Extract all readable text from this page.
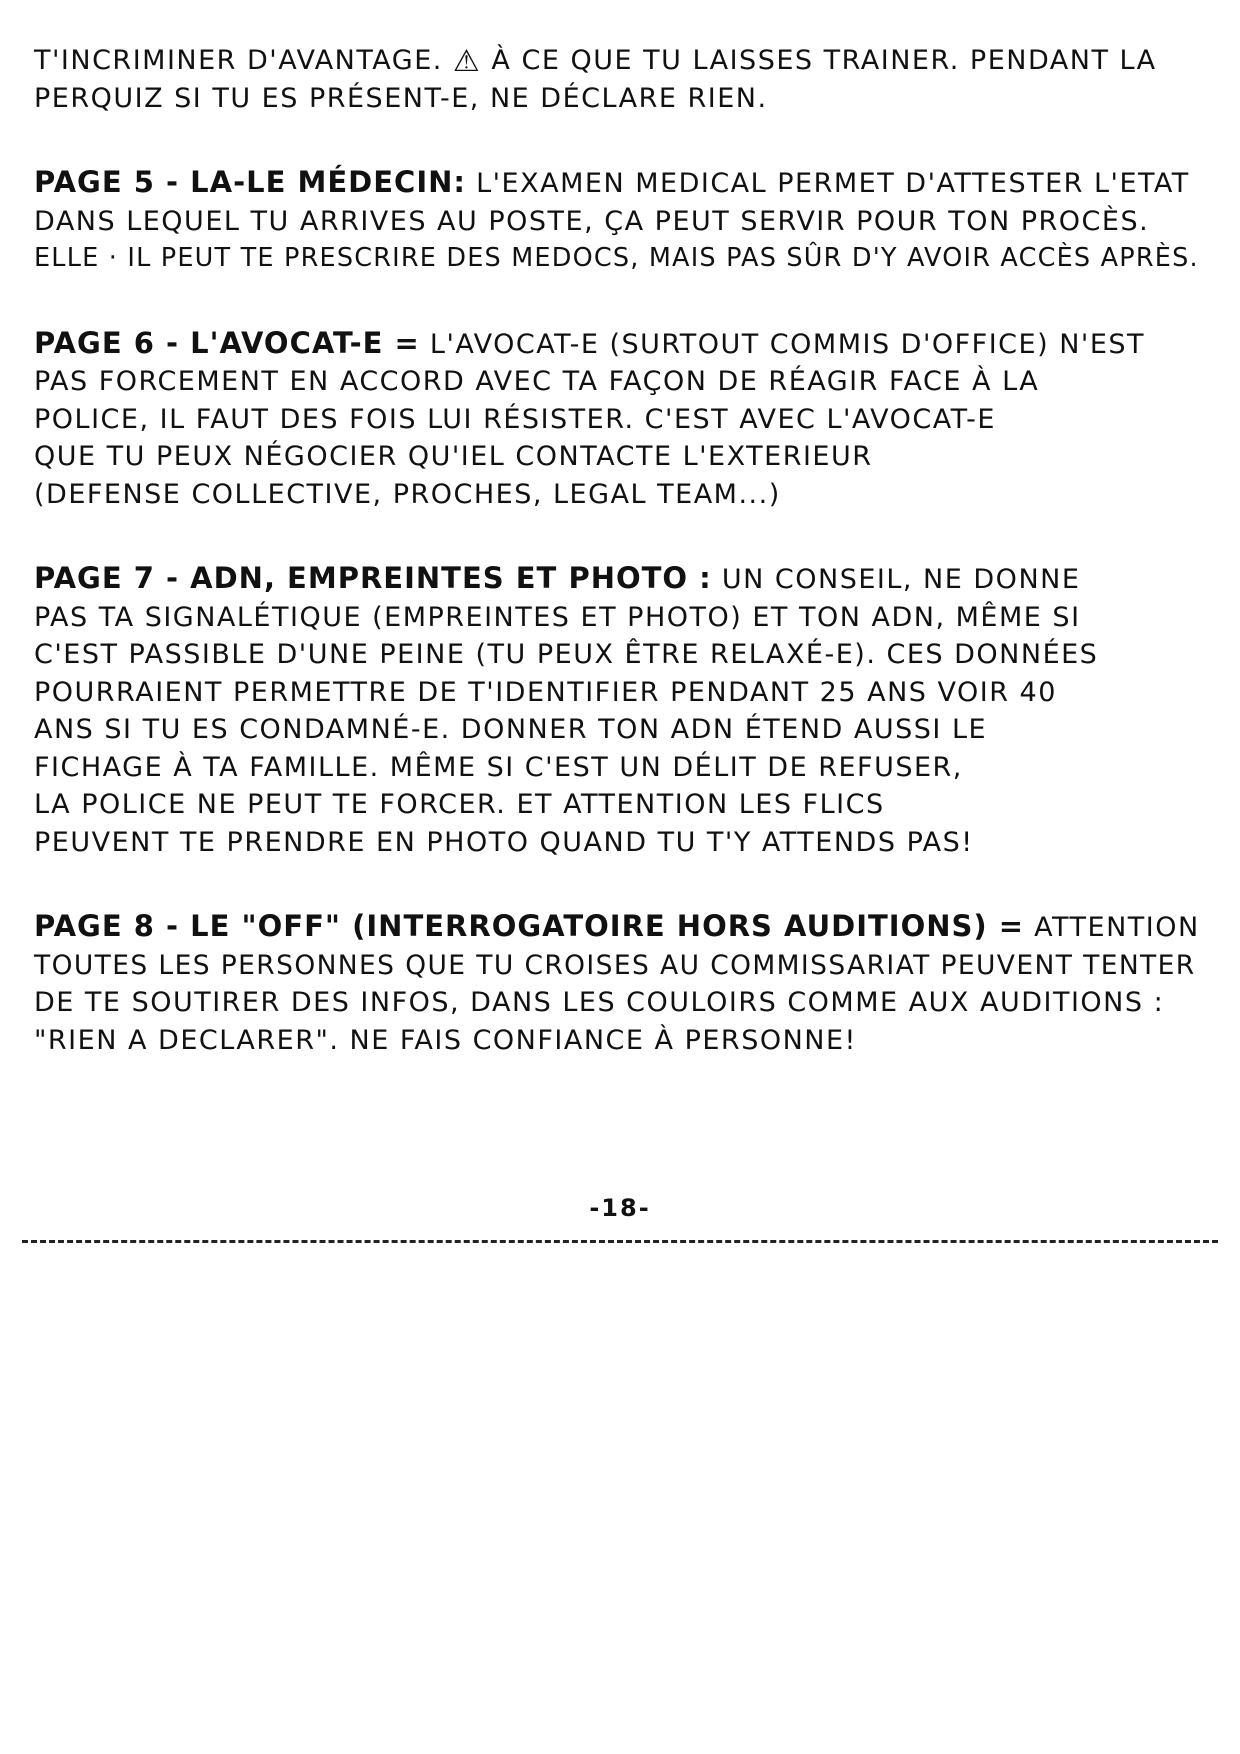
T'INCRIMINER D'AVANTAGE. ⚠ À CE QUE TU LAISSES TRAINER. PENDANT LA
PERQUIZ SI TU ES PRÉSENT-E, NE DÉCLARE RIEN.
PAGE 5 - LA-LE MÉDECIN: L'EXAMEN MEDICAL PERMET D'ATTESTER L'ETAT
DANS LEQUEL TU ARRIVES AU POSTE, ÇA PEUT SERVIR POUR TON PROCÈS.
ELLE · IL PEUT TE PRESCRIRE DES MEDOCS, MAIS PAS SÛR D'Y AVOIR ACCÈS APRÈS.
PAGE 6 - L'AVOCAT-E = L'AVOCAT-E (SURTOUT COMMIS D'OFFICE) N'EST
PAS FORCEMENT EN ACCORD AVEC TA FAÇON DE RÉAGIR FACE À LA
POLICE, IL FAUT DES FOIS LUI RÉSISTER. C'EST AVEC L'AVOCAT-E
QUE TU PEUX NÉGOCIER QU'IEL CONTACTE L'EXTERIEUR
(DEFENSE COLLECTIVE, PROCHES, LEGAL TEAM...)
PAGE 7 - ADN, EMPREINTES ET PHOTO : UN CONSEIL, NE DONNE
PAS TA SIGNALÉTIQUE (EMPREINTES ET PHOTO) ET TON ADN, MÊME SI
C'EST PASSIBLE D'UNE PEINE (TU PEUX ÊTRE RELAXÉ-E). CES DONNÉES
POURRAIENT PERMETTRE DE T'IDENTIFIER PENDANT 25 ANS VOIR 40
ANS SI TU ES CONDAMNÉ-E. DONNER TON ADN ÉTEND AUSSI LE
FICHAGE À TA FAMILLE. MÊME SI C'EST UN DÉLIT DE REFUSER,
LA POLICE NE PEUT TE FORCER. ET ATTENTION LES FLICS
PEUVENT TE PRENDRE EN PHOTO QUAND TU T'Y ATTENDS PAS!
PAGE 8 - LE "OFF" (INTERROGATOIRE HORS AUDITIONS) = ATTENTION
TOUTES LES PERSONNES QUE TU CROISES AU COMMISSARIAT PEUVENT TENTER
DE TE SOUTIRER DES INFOS, DANS LES COULOIRS COMME AUX AUDITIONS :
"RIEN A DECLARER". NE FAIS CONFIANCE À PERSONNE!
-18-
